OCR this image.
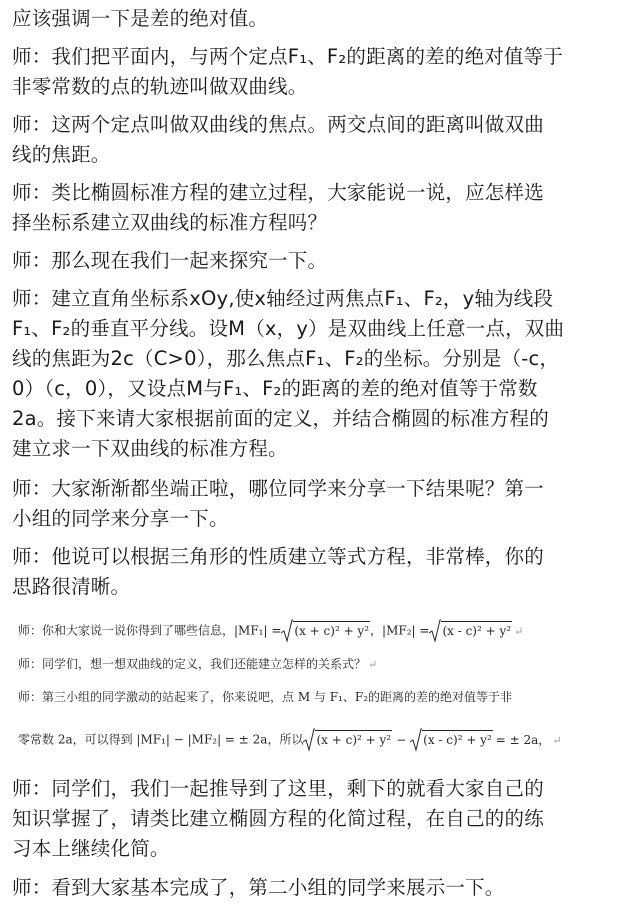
应该强调一下是差的绝对值。
师：我们把平面内，与两个定点F₁、F₂的距离的差的绝对值等于
非零常数的点的轨迹叫做双曲线。
师：这两个定点叫做双曲线的焦点。两交点间的距离叫做双曲
线的焦距。
师：类比椭圆标准方程的建立过程，大家能说一说，应怎样选
择坐标系建立双曲线的标准方程吗？
师：那么现在我们一起来探究一下。
师：建立直角坐标系xOy,使x轴经过两焦点F₁、F₂，y轴为线段
F₁、F₂的垂直平分线。设M（x，y）是双曲线上任意一点，双曲
线的焦距为2c（C>0），那么焦点F₁、F₂的坐标。分别是（-c，
0）（c，0），又设点M与F₁、F₂的距离的差的绝对值等于常数
2a。接下来请大家根据前面的定义，并结合椭圆的标准方程的
建立求一下双曲线的标准方程。
师：大家渐渐都坐端正啦，哪位同学来分享一下结果呢？第一
小组的同学来分享一下。
师：他说可以根据三角形的性质建立等式方程，非常棒，你的
思路很清晰。
师：你和大家说一说你得到了哪些信息，|MF₁| = (x + c)² + y²，|MF₂| = (x - c)² + y² ↵
师：同学们，想一想双曲线的定义，我们还能建立怎样的关系式？ ↵
师：第三小组的同学激动的站起来了，你来说吧，点 M 与 F₁、F₂的距离的差的绝对值等于非
零常数 2a，可以得到 |MF₁| − |MF₂| = ± 2a，所以 (x + c)² + y² − (x - c)² + y² = ± 2a， ↵
师：同学们，我们一起推导到了这里，剩下的就看大家自己的
知识掌握了，请类比建立椭圆方程的化简过程，在自己的的练
习本上继续化简。
师：看到大家基本完成了，第二小组的同学来展示一下。
